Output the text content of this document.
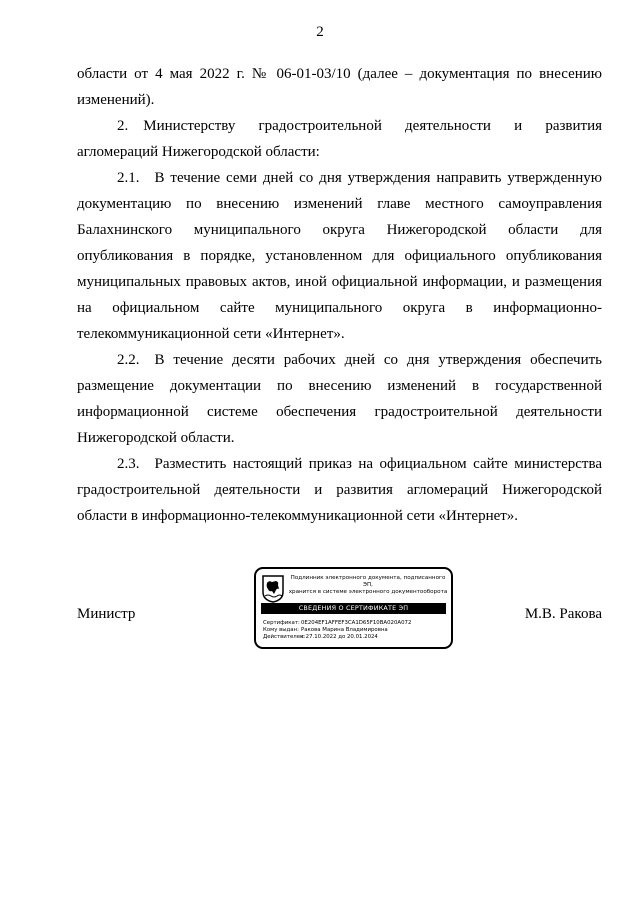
2

области от 4 мая 2022 г. № 06-01-03/10 (далее – документация по внесению изменений).

2. Министерству градостроительной деятельности и развития агломераций Нижегородской области:

2.1. В течение семи дней со дня утверждения направить утвержденную документацию по внесению изменений главе местного самоуправления Балахнинского муниципального округа Нижегородской области для опубликования в порядке, установленном для официального опубликования муниципальных правовых актов, иной официальной информации, и размещения на официальном сайте муниципального округа в информационно-телекоммуникационной сети «Интернет».

2.2. В течение десяти рабочих дней со дня утверждения обеспечить размещение документации по внесению изменений в государственной информационной системе обеспечения градостроительной деятельности Нижегородской области.

2.3. Разместить настоящий приказ на официальном сайте министерства градостроительной деятельности и развития агломераций Нижегородской области в информационно-телекоммуникационной сети «Интернет».

Министр	М.В. Ракова
Подлинник электронного документа, подписанного ЭП,
хранится в системе электронного документооборота
СВЕДЕНИЯ О СЕРТИФИКАТЕ ЭП
Сертификат:0E204EF1AFFEF3CA1D65F10BA020A072
Кому выдан: Ракова Марина Владимировна
Действителен:с 27.10.2022 до 20.01.2024
